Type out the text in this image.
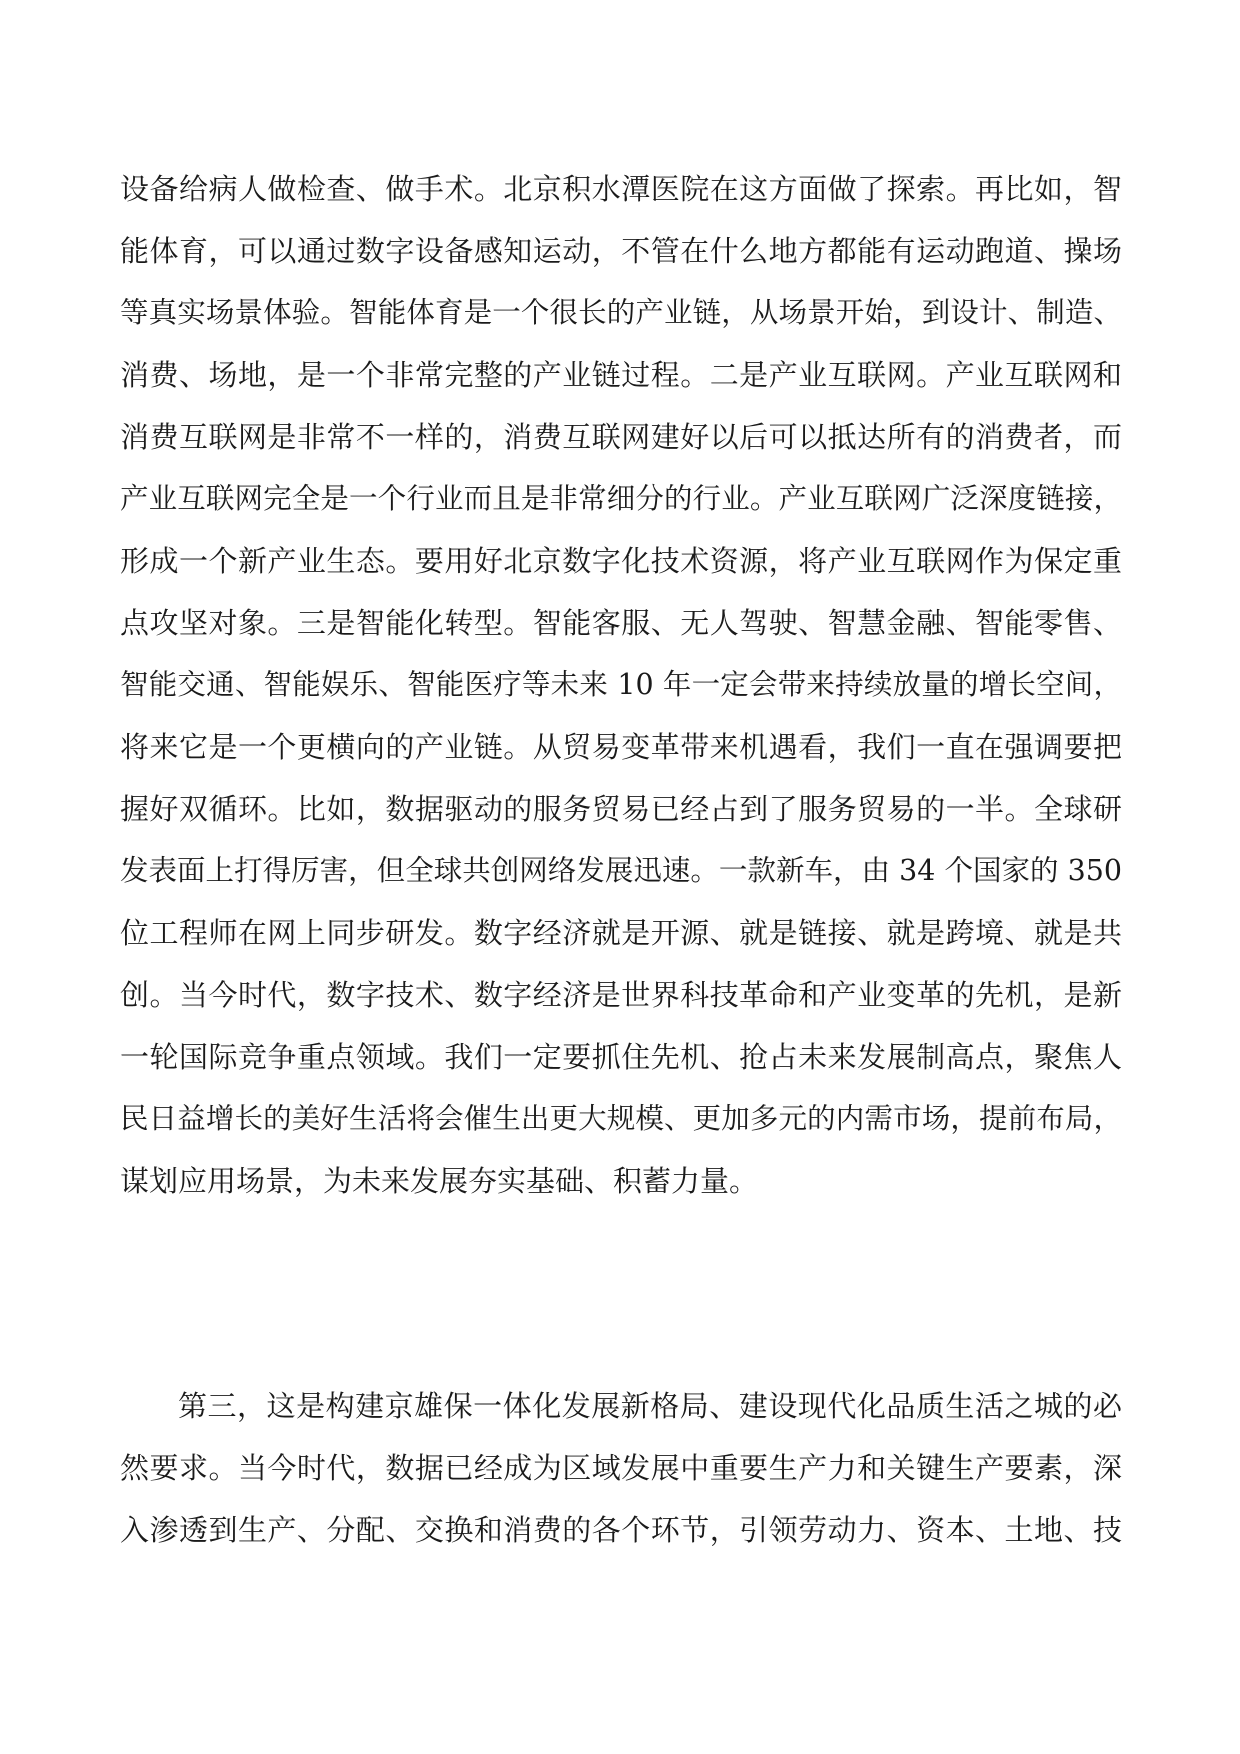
设备给病人做检查、做手术。北京积水潭医院在这方面做了探索。再比如，智
能体育，可以通过数字设备感知运动，不管在什么地方都能有运动跑道、操场
等真实场景体验。智能体育是一个很长的产业链，从场景开始，到设计、制造、
消费、场地，是一个非常完整的产业链过程。二是产业互联网。产业互联网和
消费互联网是非常不一样的，消费互联网建好以后可以抵达所有的消费者，而
产业互联网完全是一个行业而且是非常细分的行业。产业互联网广泛深度链接，
形成一个新产业生态。要用好北京数字化技术资源，将产业互联网作为保定重
点攻坚对象。三是智能化转型。智能客服、无人驾驶、智慧金融、智能零售、
智能交通、智能娱乐、智能医疗等未来 10 年一定会带来持续放量的增长空间，
将来它是一个更横向的产业链。从贸易变革带来机遇看，我们一直在强调要把
握好双循环。比如，数据驱动的服务贸易已经占到了服务贸易的一半。全球研
发表面上打得厉害，但全球共创网络发展迅速。一款新车，由 34 个国家的 350
位工程师在网上同步研发。数字经济就是开源、就是链接、就是跨境、就是共
创。当今时代，数字技术、数字经济是世界科技革命和产业变革的先机，是新
一轮国际竞争重点领域。我们一定要抓住先机、抢占未来发展制高点，聚焦人
民日益增长的美好生活将会催生出更大规模、更加多元的内需市场，提前布局，
谋划应用场景，为未来发展夯实基础、积蓄力量。
第三，这是构建京雄保一体化发展新格局、建设现代化品质生活之城的必
然要求。当今时代，数据已经成为区域发展中重要生产力和关键生产要素，深
入渗透到生产、分配、交换和消费的各个环节，引领劳动力、资本、土地、技
